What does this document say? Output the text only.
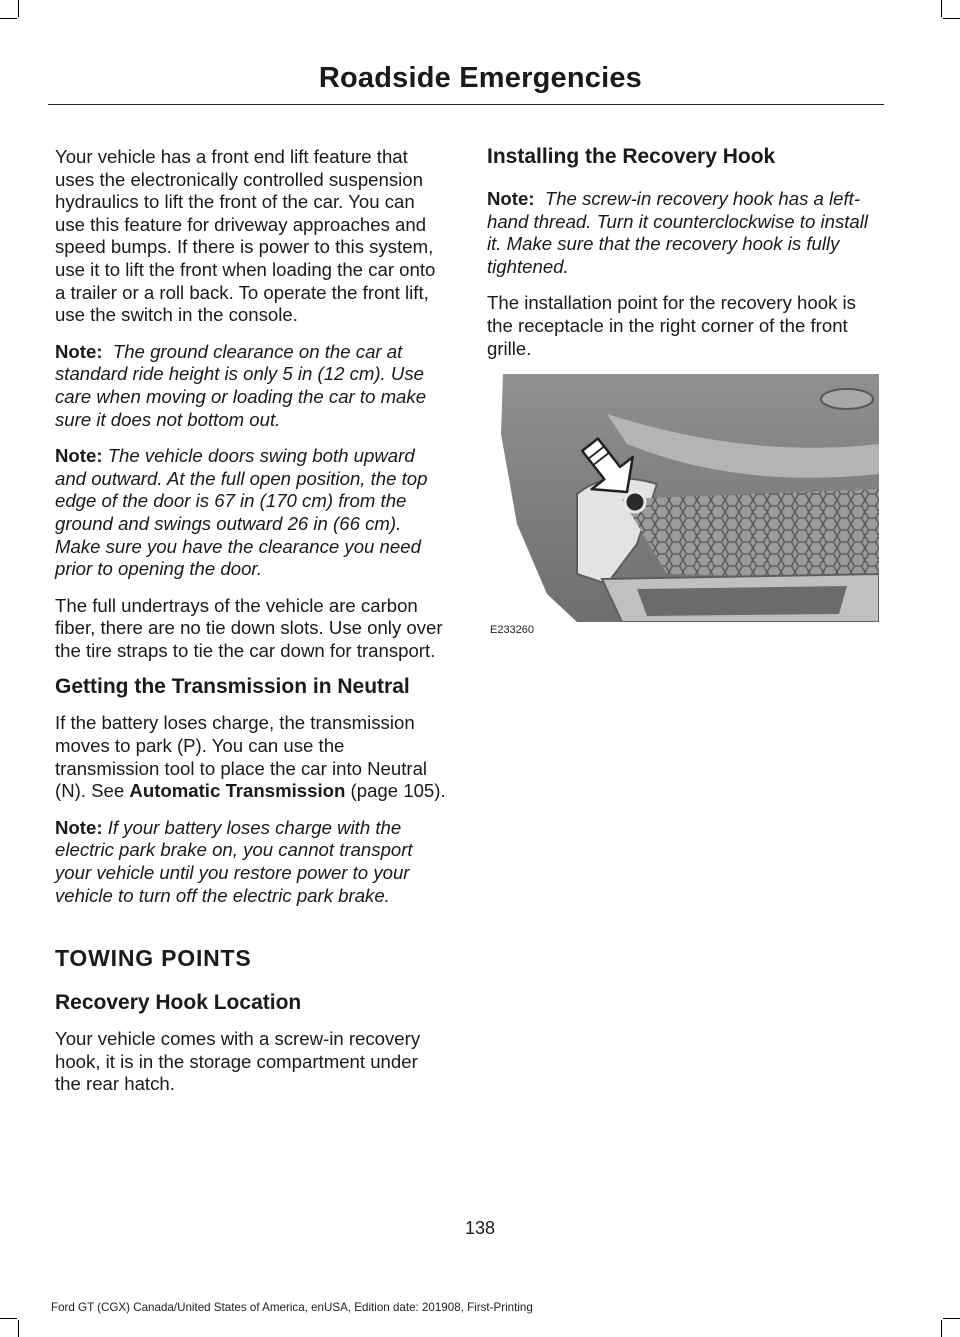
Roadside Emergencies

Your vehicle has a front end lift feature that uses the electronically controlled suspension hydraulics to lift the front of the car. You can use this feature for driveway approaches and speed bumps. If there is power to this system, use it to lift the front when loading the car onto a trailer or a roll back. To operate the front lift, use the switch in the console.

Note: The ground clearance on the car at standard ride height is only 5 in (12 cm). Use care when moving or loading the car to make sure it does not bottom out.

Note: The vehicle doors swing both upward and outward. At the full open position, the top edge of the door is 67 in (170 cm) from the ground and swings outward 26 in (66 cm). Make sure you have the clearance you need prior to opening the door.

The full undertrays of the vehicle are carbon fiber, there are no tie down slots. Use only over the tire straps to tie the car down for transport.

Getting the Transmission in Neutral

If the battery loses charge, the transmission moves to park (P). You can use the transmission tool to place the car into Neutral (N). See Automatic Transmission (page 105).

Note: If your battery loses charge with the electric park brake on, you cannot transport your vehicle until you restore power to your vehicle to turn off the electric park brake.

TOWING POINTS
Recovery Hook Location

Your vehicle comes with a screw-in recovery hook, it is in the storage compartment under the rear hatch.

Installing the Recovery Hook

Note: The screw-in recovery hook has a left-hand thread. Turn it counterclockwise to install it. Make sure that the recovery hook is fully tightened.

The installation point for the recovery hook is the receptacle in the right corner of the front grille.

E233260
138
Ford GT (CGX) Canada/United States of America, enUSA, Edition date: 201908, First-Printing
